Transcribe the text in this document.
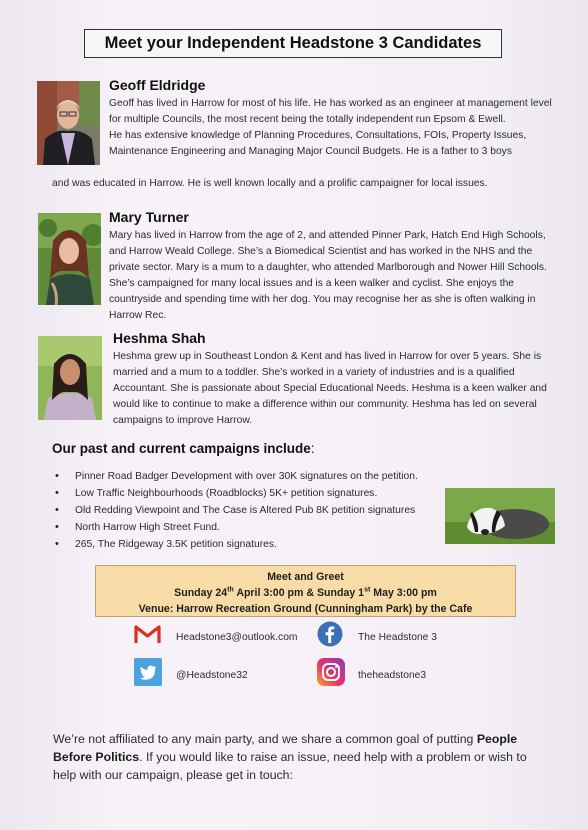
Meet your Independent Headstone 3 Candidates
Geoff Eldridge

Geoff has lived in Harrow for most of his life. He has worked as an engineer at management level for multiple Councils, the most recent being the totally independent run Epsom & Ewell.

He has extensive knowledge of Planning Procedures, Consultations, FOIs, Property Issues, Maintenance Engineering and Managing Major Council Budgets. He is a father to 3 boys

and was educated in Harrow. He is well known locally and a prolific campaigner for local issues.
Mary Turner
Mary has lived in Harrow from the age of 2, and attended Pinner Park, Hatch End High Schools, and Harrow Weald College. She’s a Biomedical Scientist and has worked in the NHS and the private sector. Mary is a mum to a daughter, who attended Marlborough and Nower Hill Schools. She’s campaigned for many local issues and is a keen walker and cyclist. She enjoys the countryside and spending time with her dog. You may recognise her as she is often walking in Harrow Rec.
Heshma Shah
Heshma grew up in Southeast London & Kent and has lived in Harrow for over 5 years. She is married and a mum to a toddler. She’s worked in a variety of industries and is a qualified Accountant. She is passionate about Special Educational Needs. Heshma is a keen walker and would like to continue to make a difference within our community. Heshma has led on several campaigns to improve Harrow.
Our past and current campaigns include:
• Pinner Road Badger Development with over 30K signatures on the petition.
• Low Traffic Neighbourhoods (Roadblocks) 5K+ petition signatures.
• Old Redding Viewpoint and The Case is Altered Pub 8K petition signatures
• North Harrow High Street Fund.
• 265, The Ridgeway 3.5K petition signatures.
Meet and Greet
Sunday 24th April 3:00 pm & Sunday 1st May 3:00 pm
Venue: Harrow Recreation Ground (Cunningham Park) by the Cafe
Headstone3@outlook.com	The Headstone 3
@Headstone32	theheadstone3
We’re not affiliated to any main party, and we share a common goal of putting People Before Politics. If you would like to raise an issue, need help with a problem or wish to help with our campaign, please get in touch:
